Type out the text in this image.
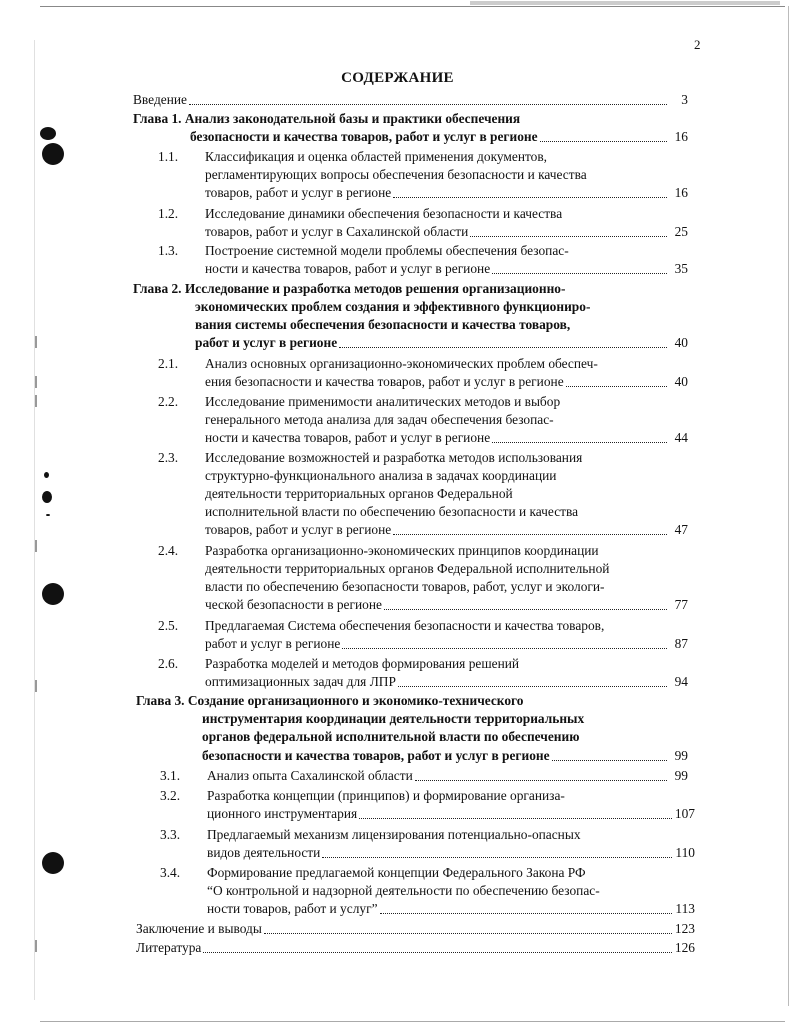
2
СОДЕРЖАНИЕ
Введение	3
Глава 1. Анализ законодательной базы и практики обеспечения
безопасности и качества товаров, работ и услуг в регионе	16
1.1. Классификация и оценка областей применения документов,
регламентирующих вопросы обеспечения безопасности и качества
товаров, работ и услуг в регионе	16
1.2. Исследование динамики обеспечения безопасности и качества
товаров, работ и услуг в Сахалинской области	25
1.3. Построение системной модели проблемы обеспечения безопас-
ности и качества товаров, работ и услуг в регионе	35
Глава 2. Исследование и разработка методов решения организационно-
экономических проблем создания и эффективного функциониро-
вания системы обеспечения безопасности и качества товаров,
работ и услуг в регионе	40
2.1. Анализ основных организационно-экономических проблем обеспеч-
ения безопасности и качества товаров, работ и услуг в регионе	40
2.2. Исследование применимости аналитических методов и выбор
генерального метода анализа для задач обеспечения безопас-
ности и качества товаров, работ и услуг в регионе	44
2.3. Исследование возможностей и разработка методов использования
структурно-функционального анализа в задачах координации
деятельности территориальных органов Федеральной
исполнительной власти по обеспечению безопасности и качества
товаров, работ и услуг в регионе	47
2.4. Разработка организационно-экономических принципов координации
деятельности территориальных органов Федеральной исполнительной
власти по обеспечению безопасности товаров, работ, услуг и экологи-
ческой безопасности в регионе	77
2.5. Предлагаемая Система обеспечения безопасности и качества товаров,
работ и услуг в регионе	87
2.6. Разработка моделей и методов формирования решений
оптимизационных задач для ЛПР	94
Глава 3. Создание организационного и экономико-технического
инструментария координации деятельности территориальных
органов федеральной исполнительной власти по обеспечению
безопасности и качества товаров, работ и услуг в регионе	99
3.1. Анализ опыта Сахалинской области	99
3.2. Разработка концепции (принципов) и формирование организа-
ционного инструментария	107
3.3. Предлагаемый механизм лицензирования потенциально-опасных
видов деятельности	110
3.4. Формирование предлагаемой концепции Федерального Закона РФ
“О контрольной и надзорной деятельности по обеспечению безопас-
ности товаров, работ и услуг”	113
Заключение и выводы	123
Литература	126
